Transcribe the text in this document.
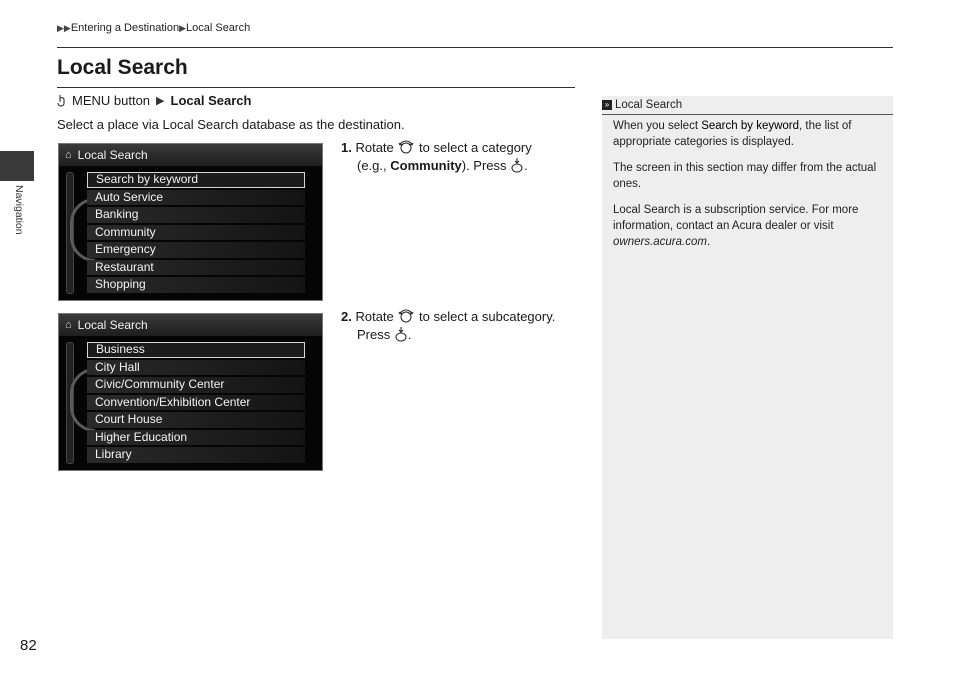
▶▶Entering a Destination▶Local Search
Local Search
Navigation
MENU button ▶ Local Search
Select a place via Local Search database as the destination.
⌂ Local Search
Search by keyword
Auto Service
Banking
Community
Emergency
Restaurant
Shopping
⌂ Local Search
Business
City Hall
Civic/Community Center
Convention/Exhibition Center
Court House
Higher Education
Library
1. Rotate to select a category
(e.g., Community). Press .
2. Rotate to select a subcategory.
Press .
» Local Search

When you select Search by keyword, the list of appropriate categories is displayed.

The screen in this section may differ from the actual ones.

Local Search is a subscription service. For more information, contact an Acura dealer or visit owners.acura.com.

82
